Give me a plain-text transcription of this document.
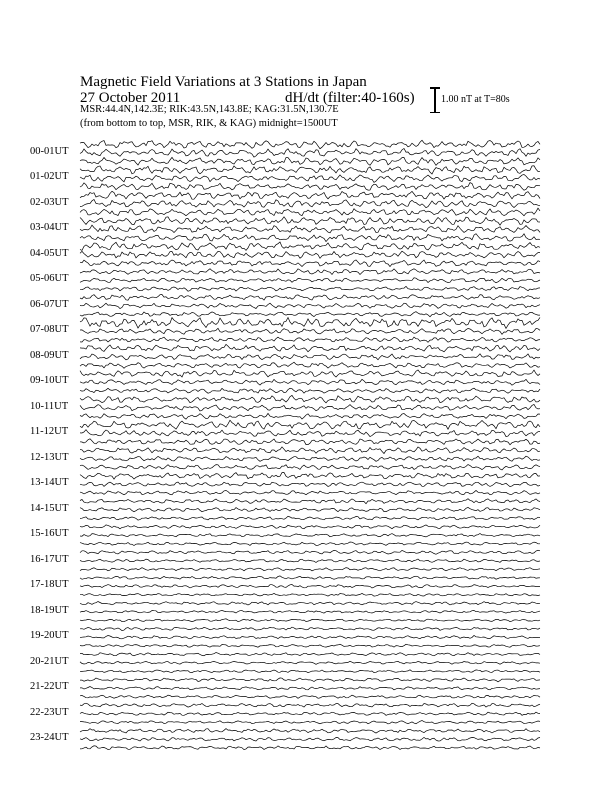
Magnetic Field Variations at 3 Stations in Japan
27 October 2011	dH/dt (filter:40-160s)
MSR:44.4N,142.3E; RIK:43.5N,143.8E; KAG:31.5N,130.7E
(from bottom to top, MSR, RIK, & KAG) midnight=1500UT
1.00 nT at T=80s
00-01UT
01-02UT
02-03UT
03-04UT
04-05UT
05-06UT
06-07UT
07-08UT
08-09UT
09-10UT
10-11UT
11-12UT
12-13UT
13-14UT
14-15UT
15-16UT
16-17UT
17-18UT
18-19UT
19-20UT
20-21UT
21-22UT
22-23UT
23-24UT
